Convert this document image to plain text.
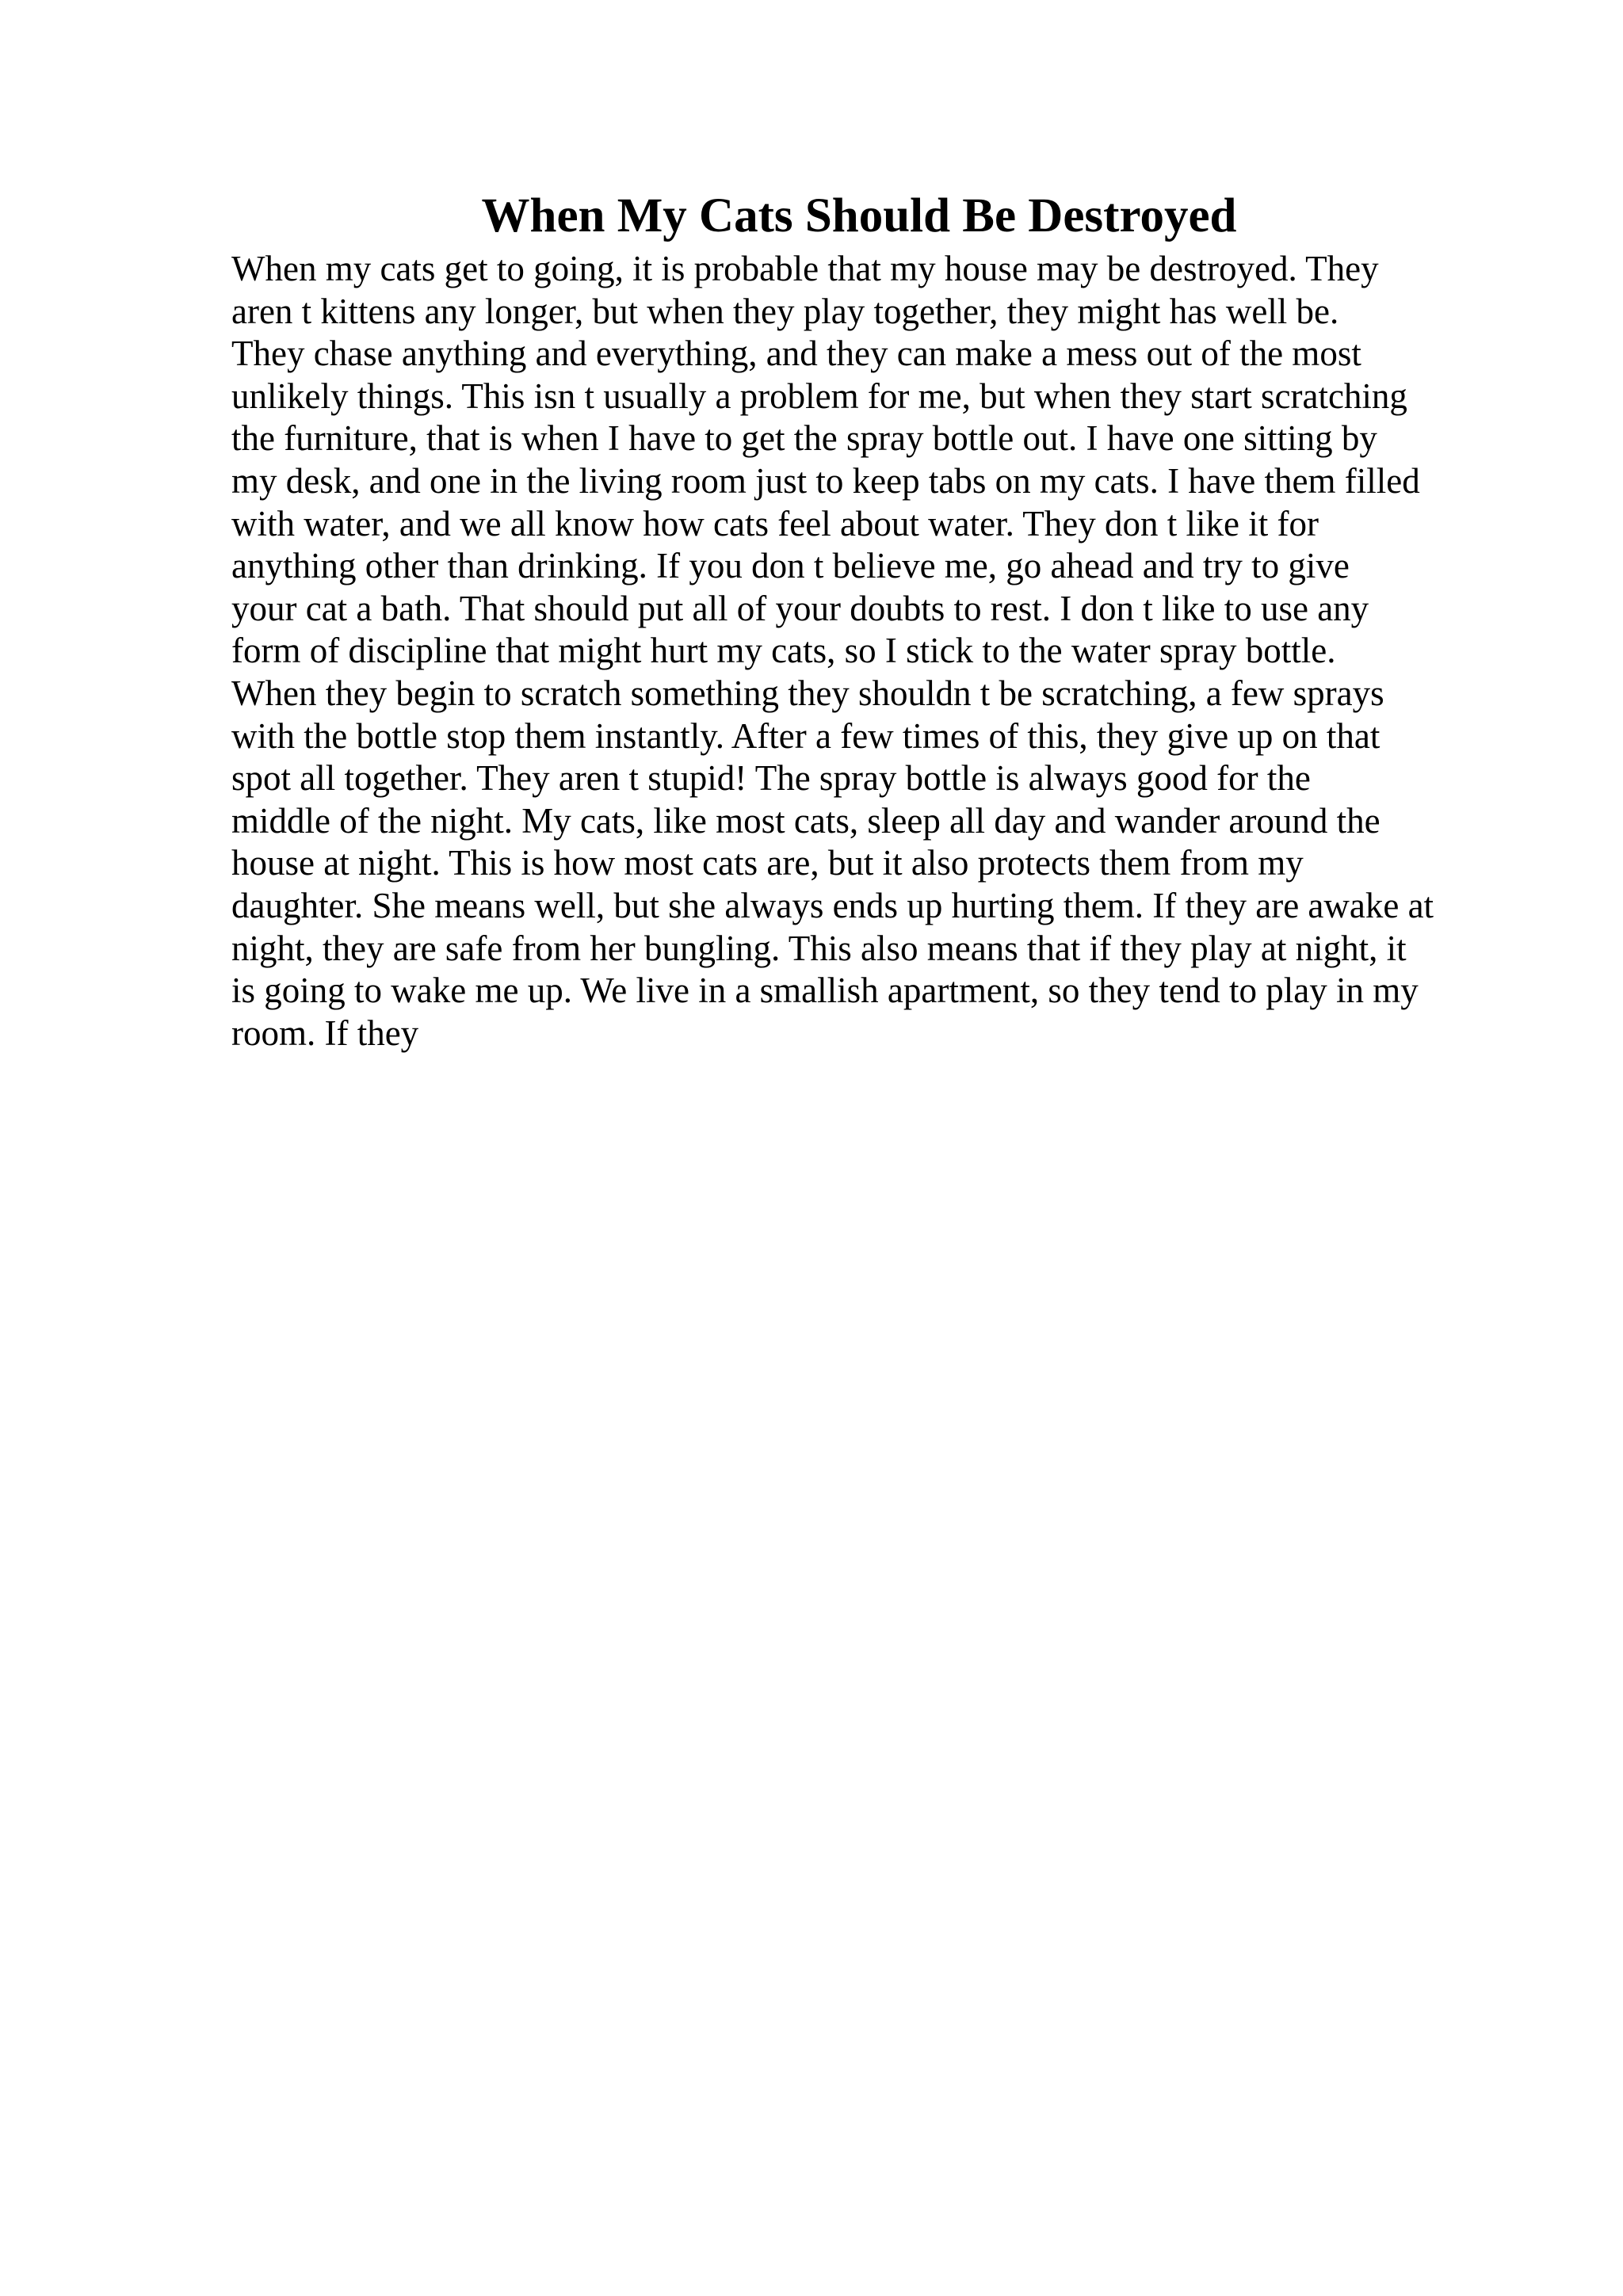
When My Cats Should Be Destroyed
When my cats get to going, it is probable that my house may be destroyed. They
aren t kittens any longer, but when they play together, they might has well be.
They chase anything and everything, and they can make a mess out of the most
unlikely things. This isn t usually a problem for me, but when they start scratching
the furniture, that is when I have to get the spray bottle out. I have one sitting by
my desk, and one in the living room just to keep tabs on my cats. I have them filled
with water, and we all know how cats feel about water. They don t like it for
anything other than drinking. If you don t believe me, go ahead and try to give
your cat a bath. That should put all of your doubts to rest. I don t like to use any
form of discipline that might hurt my cats, so I stick to the water spray bottle.
When they begin to scratch something they shouldn t be scratching, a few sprays
with the bottle stop them instantly. After a few times of this, they give up on that
spot all together. They aren t stupid! The spray bottle is always good for the
middle of the night. My cats, like most cats, sleep all day and wander around the
house at night. This is how most cats are, but it also protects them from my
daughter. She means well, but she always ends up hurting them. If they are awake at
night, they are safe from her bungling. This also means that if they play at night, it
is going to wake me up. We live in a smallish apartment, so they tend to play in my
room. If they
